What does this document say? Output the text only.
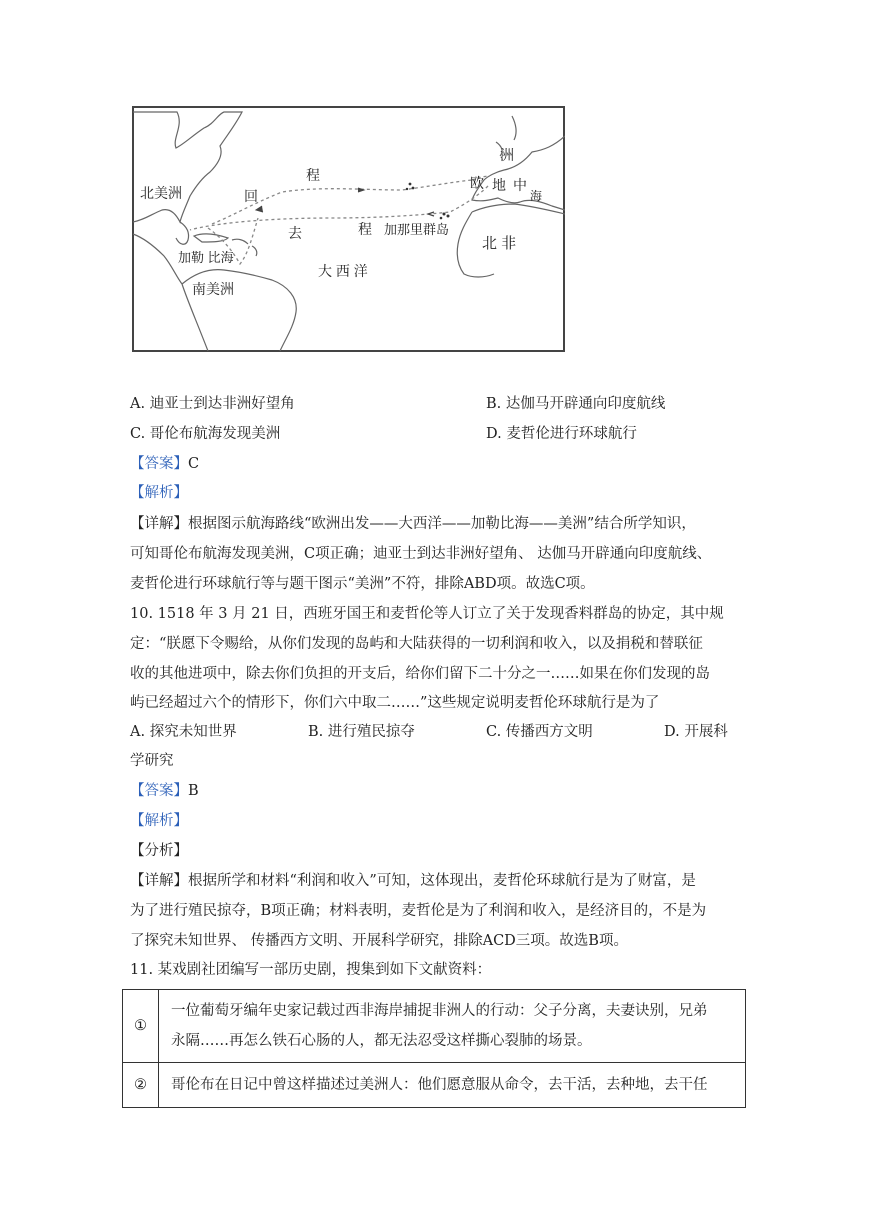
北美洲	回
程
去	程
洲
欧 地 中
海
加那里群岛
北 非
加勒 比海
大 西 洋
南美洲
A. 迪亚士到达非洲好望角	B. 达伽马开辟通向印度航线
C. 哥伦布航海发现美洲	D. 麦哲伦进行环球航行
【答案】C
【解析】
【详解】根据图示航海路线“欧洲出发——大西洋——加勒比海——美洲”结合所学知识，
可知哥伦布航海发现美洲，C项正确；迪亚士到达非洲好望角、 达伽马开辟通向印度航线、
麦哲伦进行环球航行等与题干图示“美洲”不符，排除ABD项。故选C项。
10. 1518 年 3 月 21 日，西班牙国王和麦哲伦等人订立了关于发现香料群岛的协定，其中规
定：“朕愿下令赐给，从你们发现的岛屿和大陆获得的一切利润和收入，以及捐税和替联征
收的其他进项中，除去你们负担的开支后，给你们留下二十分之一……如果在你们发现的岛
屿已经超过六个的情形下，你们六中取二……”这些规定说明麦哲伦环球航行是为了
A. 探究未知世界	B. 进行殖民掠夺	C. 传播西方文明	D. 开展科
学研究
【答案】B
【解析】
【分析】
【详解】根据所学和材料“利润和收入”可知，这体现出，麦哲伦环球航行是为了财富，是
为了进行殖民掠夺，B项正确；材料表明，麦哲伦是为了利润和收入，是经济目的，不是为
了探究未知世界、 传播西方文明、开展科学研究，排除ACD三项。故选B项。
11. 某戏剧社团编写一部历史剧，搜集到如下文献资料：
①	一位葡萄牙编年史家记载过西非海岸捕捉非洲人的行动：父子分离，夫妻诀别，兄弟
永隔……再怎么铁石心肠的人，都无法忍受这样撕心裂肺的场景。

②	哥伦布在日记中曾这样描述过美洲人：他们愿意服从命令，去干活，去种地，去干任
